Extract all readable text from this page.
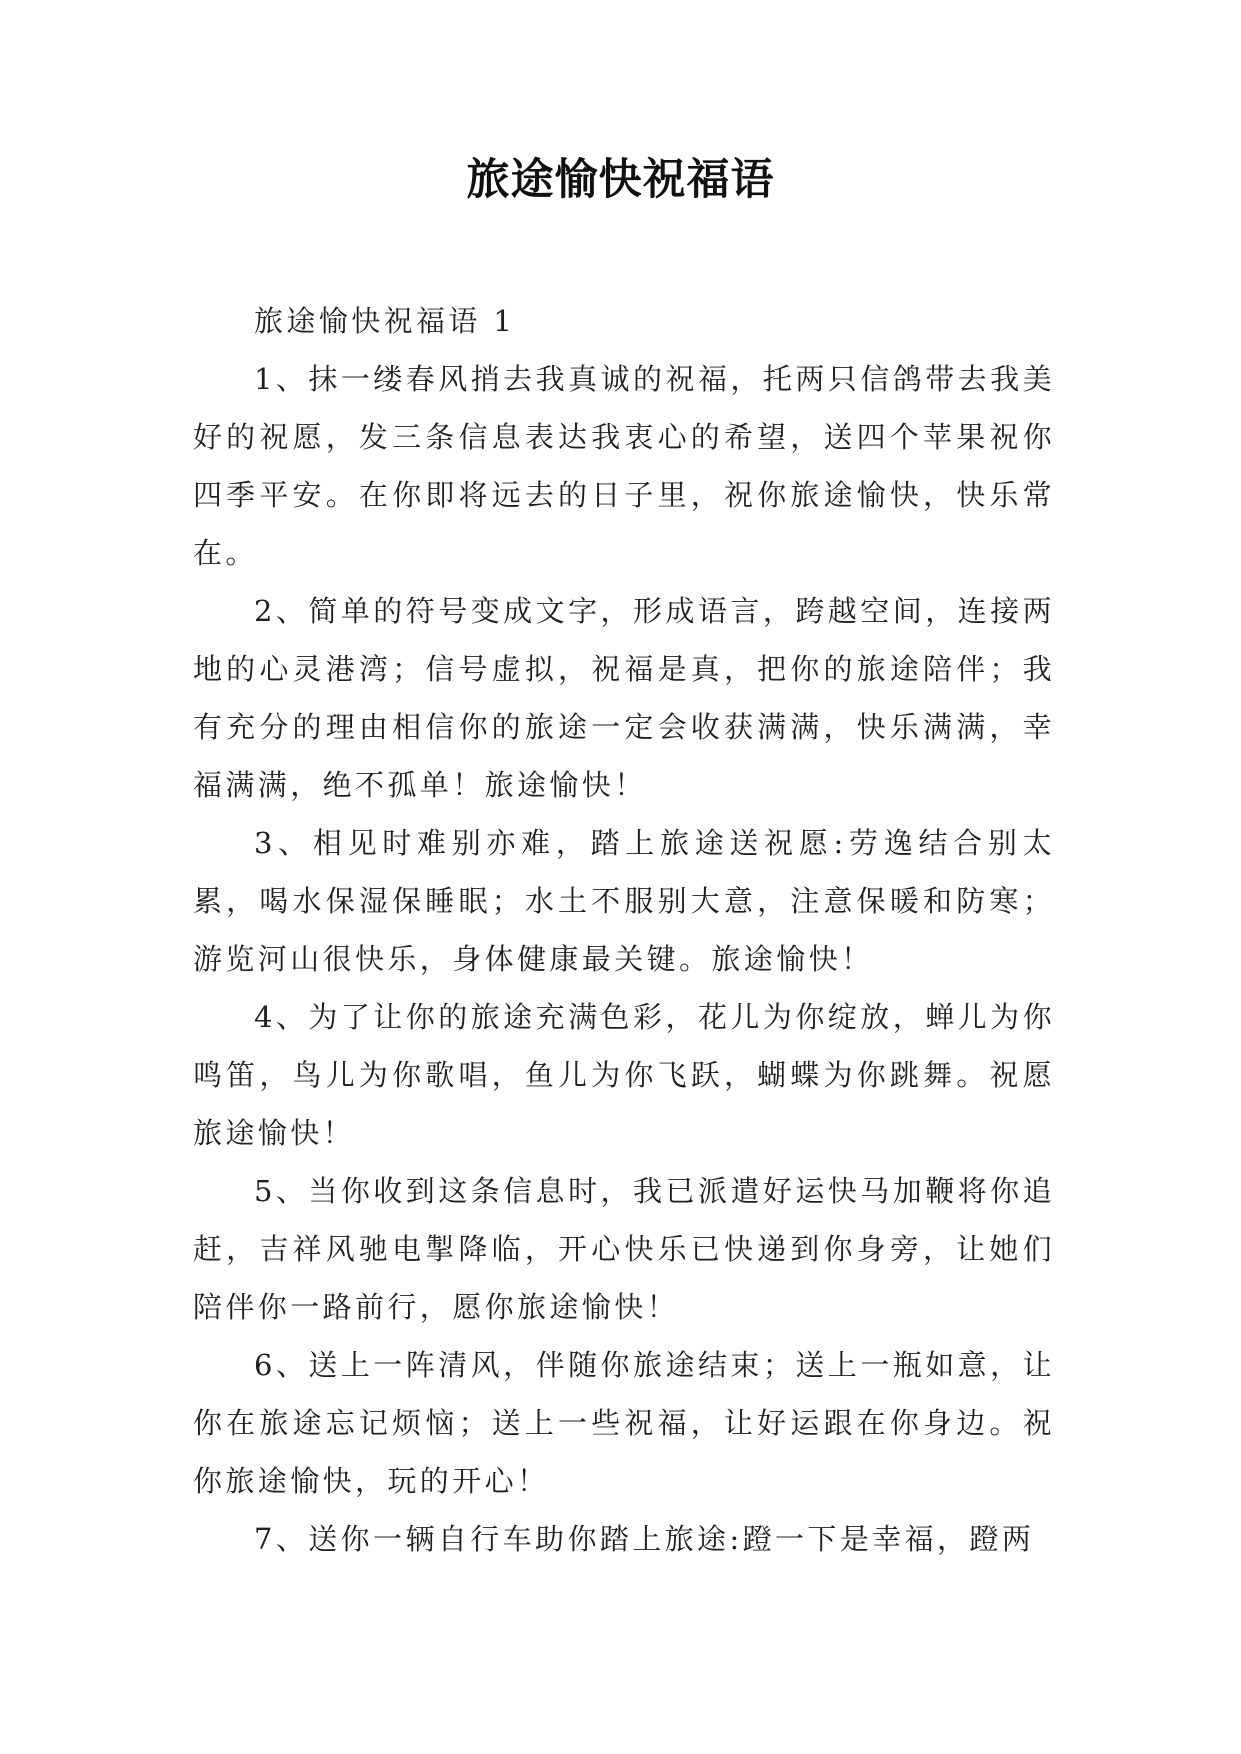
旅途愉快祝福语

旅途愉快祝福语 1

1、抹一缕春风捎去我真诚的祝福，托两只信鸽带去我美好的祝愿，发三条信息表达我衷心的希望，送四个苹果祝你四季平安。在你即将远去的日子里，祝你旅途愉快，快乐常在。

2、简单的符号变成文字，形成语言，跨越空间，连接两地的心灵港湾；信号虚拟，祝福是真，把你的旅途陪伴；我有充分的理由相信你的旅途一定会收获满满，快乐满满，幸福满满，绝不孤单！旅途愉快！

3、相见时难别亦难，踏上旅途送祝愿:劳逸结合别太累，喝水保湿保睡眠；水土不服别大意，注意保暖和防寒；游览河山很快乐，身体健康最关键。旅途愉快！

4、为了让你的旅途充满色彩，花儿为你绽放，蝉儿为你鸣笛，鸟儿为你歌唱，鱼儿为你飞跃，蝴蝶为你跳舞。祝愿旅途愉快！

5、当你收到这条信息时，我已派遣好运快马加鞭将你追赶，吉祥风驰电掣降临，开心快乐已快递到你身旁，让她们陪伴你一路前行，愿你旅途愉快！

6、送上一阵清风，伴随你旅途结束；送上一瓶如意，让你在旅途忘记烦恼；送上一些祝福，让好运跟在你身边。祝你旅途愉快，玩的开心！

7、送你一辆自行车助你踏上旅途:蹬一下是幸福，蹬两
